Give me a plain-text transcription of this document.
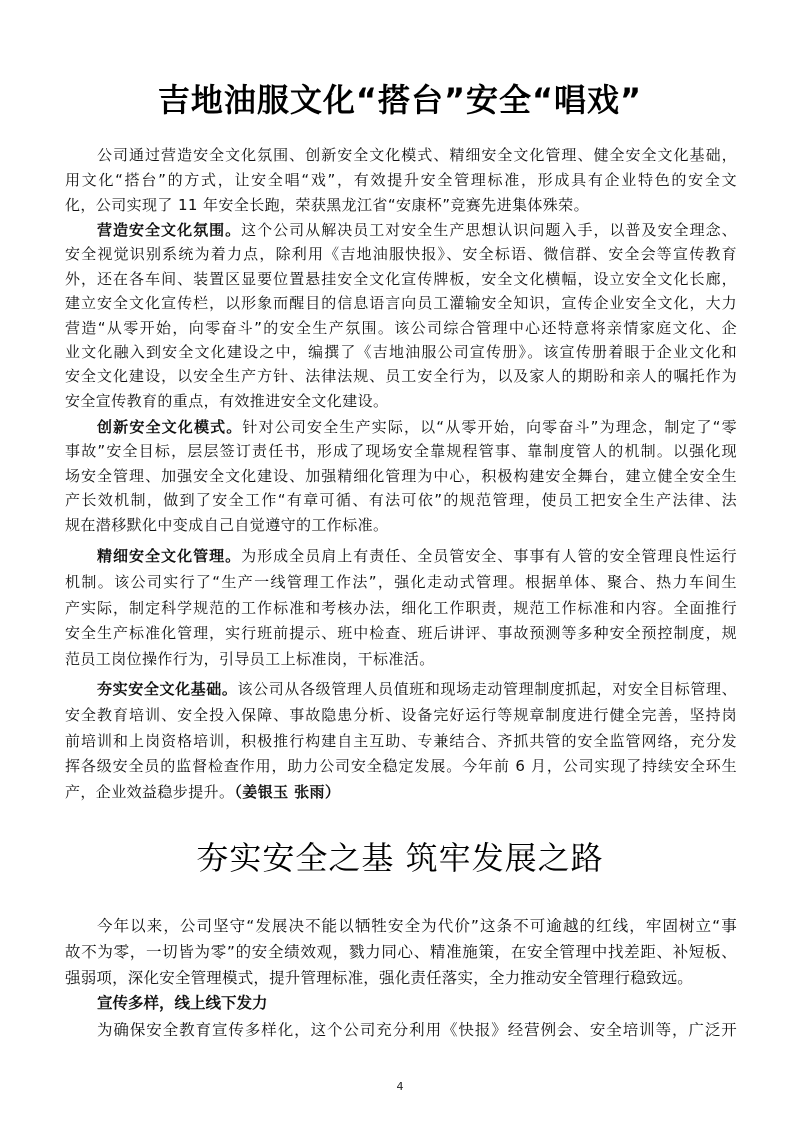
吉地油服文化“搭台”安全“唱戏”
公司通过营造安全文化氛围、创新安全文化模式、精细安全文化管理、健全安全文化基础，
用文化“搭台”的方式，让安全唱“戏”，有效提升安全管理标准，形成具有企业特色的安全文
化，公司实现了 11 年安全长跑，荣获黑龙江省“安康杯”竞赛先进集体殊荣。
营造安全文化氛围。这个公司从解决员工对安全生产思想认识问题入手，以普及安全理念、
安全视觉识别系统为着力点，除利用《吉地油服快报》、安全标语、微信群、安全会等宣传教育
外，还在各车间、装置区显要位置悬挂安全文化宣传牌板，安全文化横幅，设立安全文化长廊，
建立安全文化宣传栏，以形象而醒目的信息语言向员工灌输安全知识，宣传企业安全文化，大力
营造“从零开始，向零奋斗”的安全生产氛围。该公司综合管理中心还特意将亲情家庭文化、企
业文化融入到安全文化建设之中，编撰了《吉地油服公司宣传册》。该宣传册着眼于企业文化和
安全文化建设，以安全生产方针、法律法规、员工安全行为，以及家人的期盼和亲人的嘱托作为
安全宣传教育的重点，有效推进安全文化建设。
创新安全文化模式。针对公司安全生产实际，以“从零开始，向零奋斗”为理念，制定了“零
事故”安全目标，层层签订责任书，形成了现场安全靠规程管事、靠制度管人的机制。以强化现
场安全管理、加强安全文化建设、加强精细化管理为中心，积极构建安全舞台，建立健全安全生
产长效机制，做到了安全工作“有章可循、有法可依”的规范管理，使员工把安全生产法律、法
规在潜移默化中变成自己自觉遵守的工作标准。
精细安全文化管理。为形成全员肩上有责任、全员管安全、事事有人管的安全管理良性运行
机制。该公司实行了“生产一线管理工作法”，强化走动式管理。根据单体、聚合、热力车间生
产实际，制定科学规范的工作标准和考核办法，细化工作职责，规范工作标准和内容。全面推行
安全生产标准化管理，实行班前提示、班中检查、班后讲评、事故预测等多种安全预控制度，规
范员工岗位操作行为，引导员工上标准岗，干标准活。
夯实安全文化基础。该公司从各级管理人员值班和现场走动管理制度抓起，对安全目标管理、
安全教育培训、安全投入保障、事故隐患分析、设备完好运行等规章制度进行健全完善，坚持岗
前培训和上岗资格培训，积极推行构建自主互助、专兼结合、齐抓共管的安全监管网络，充分发
挥各级安全员的监督检查作用，助力公司安全稳定发展。今年前 6 月，公司实现了持续安全环生
产，企业效益稳步提升。（姜银玉 张雨）
夯实安全之基 筑牢发展之路
今年以来，公司坚守“发展决不能以牺牲安全为代价”这条不可逾越的红线，牢固树立“事
故不为零，一切皆为零”的安全绩效观，戮力同心、精准施策，在安全管理中找差距、补短板、
强弱项，深化安全管理模式，提升管理标准，强化责任落实，全力推动安全管理行稳致远。
宣传多样，线上线下发力
为确保安全教育宣传多样化，这个公司充分利用《快报》经营例会、安全培训等，广泛开
4
